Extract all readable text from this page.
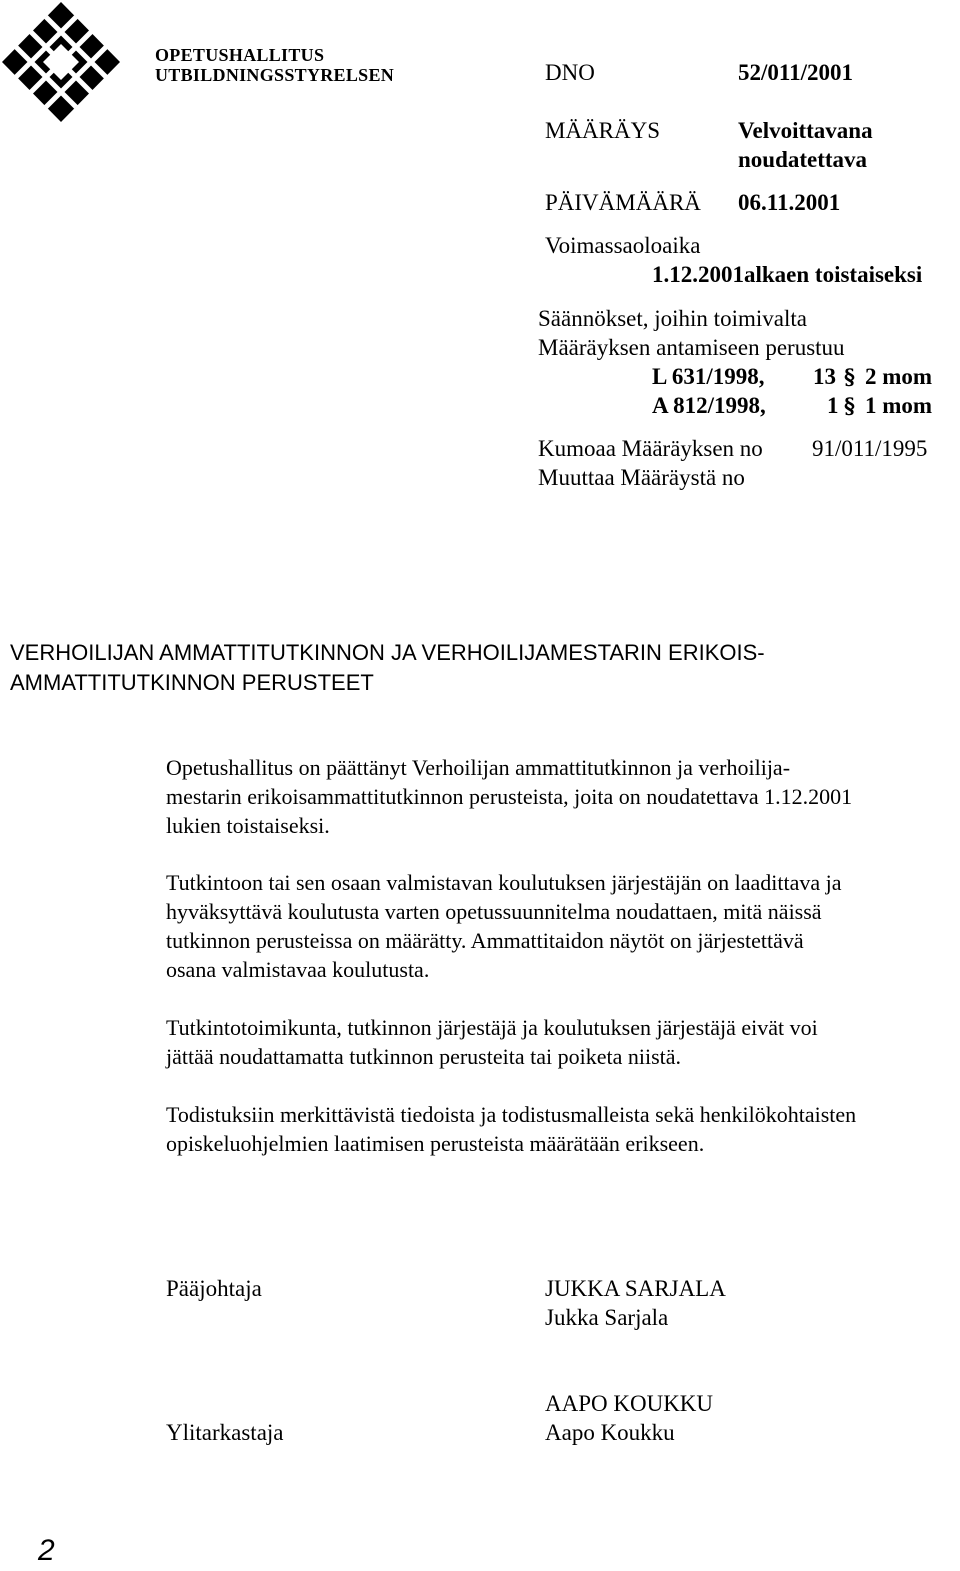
OPETUSHALLITUS
UTBILDNINGSSTYRELSEN	DNO	52/011/2001
MÄÄRÄYS	Velvoittavana
noudatettava
PÄIVÄMÄÄRÄ 06.11.2001
Voimassaoloaika
1.12.2001alkaen toistaiseksi
Säännökset, joihin toimivalta
Määräyksen antamiseen perustuu
L 631/1998, 13 § 2 mom
A 812/1998,	1 § 1 mom
Kumoaa Määräyksen no 91/011/1995
Muuttaa Määräystä no
VERHOILIJAN AMMATTITUTKINNON JA VERHOILIJAMESTARIN ERIKOIS-
AMMATTITUTKINNON PERUSTEET
Opetushallitus on päättänyt Verhoilijan ammattitutkinnon ja verhoilija-
mestarin erikoisammattitutkinnon perusteista, joita on noudatettava 1.12.2001
lukien toistaiseksi.
Tutkintoon tai sen osaan valmistavan koulutuksen järjestäjän on laadittava ja
hyväksyttävä koulutusta varten opetussuunnitelma noudattaen, mitä näissä
tutkinnon perusteissa on määrätty. Ammattitaidon näytöt on järjestettävä
osana valmistavaa koulutusta.
Tutkintotoimikunta, tutkinnon järjestäjä ja koulutuksen järjestäjä eivät voi
jättää noudattamatta tutkinnon perusteita tai poiketa niistä.
Todistuksiin merkittävistä tiedoista ja todistusmalleista sekä henkilökohtaisten
opiskeluohjelmien laatimisen perusteista määrätään erikseen.
Pääjohtaja	JUKKA SARJALA
Jukka Sarjala
AAPO KOUKKU
Ylitarkastaja	Aapo Koukku
2
